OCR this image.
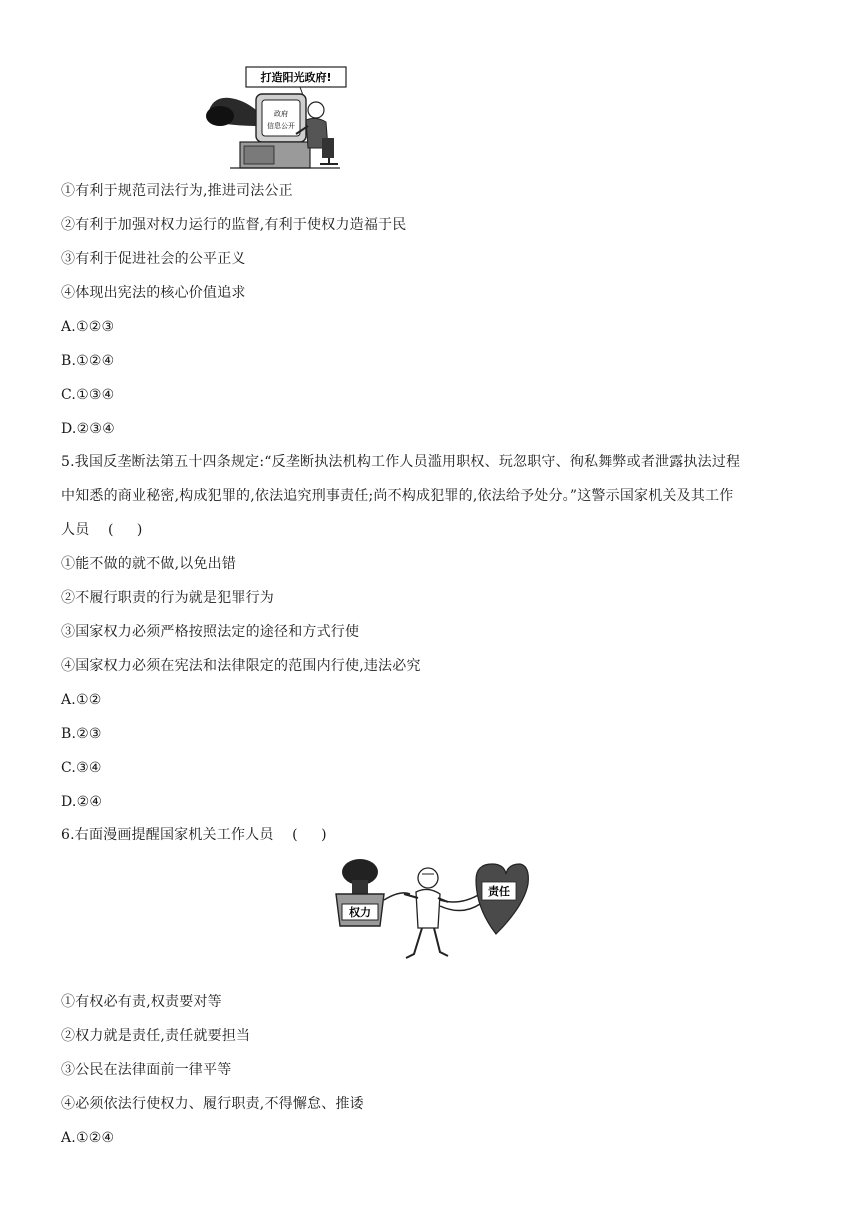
打造阳光政府!
政府
信息公开
①有利于规范司法行为,推进司法公正
②有利于加强对权力运行的监督,有利于使权力造福于民
③有利于促进社会的公平正义
④体现出宪法的核心价值追求
A.①②③
B.①②④
C.①③④
D.②③④
5.我国反垄断法第五十四条规定:“反垄断执法机构工作人员滥用职权、玩忽职守、徇私舞弊或者泄露执法过程
中知悉的商业秘密,构成犯罪的,依法追究刑事责任;尚不构成犯罪的,依法给予处分。”这警示国家机关及其工作
人员    (     )
①能不做的就不做,以免出错
②不履行职责的行为就是犯罪行为
③国家权力必须严格按照法定的途径和方式行使
④国家权力必须在宪法和法律限定的范围内行使,违法必究
A.①②
B.②③
C.③④
D.②④
6.右面漫画提醒国家机关工作人员    (     )
权力
责任
①有权必有责,权责要对等
②权力就是责任,责任就要担当
③公民在法律面前一律平等
④必须依法行使权力、履行职责,不得懈怠、推诿
A.①②④
